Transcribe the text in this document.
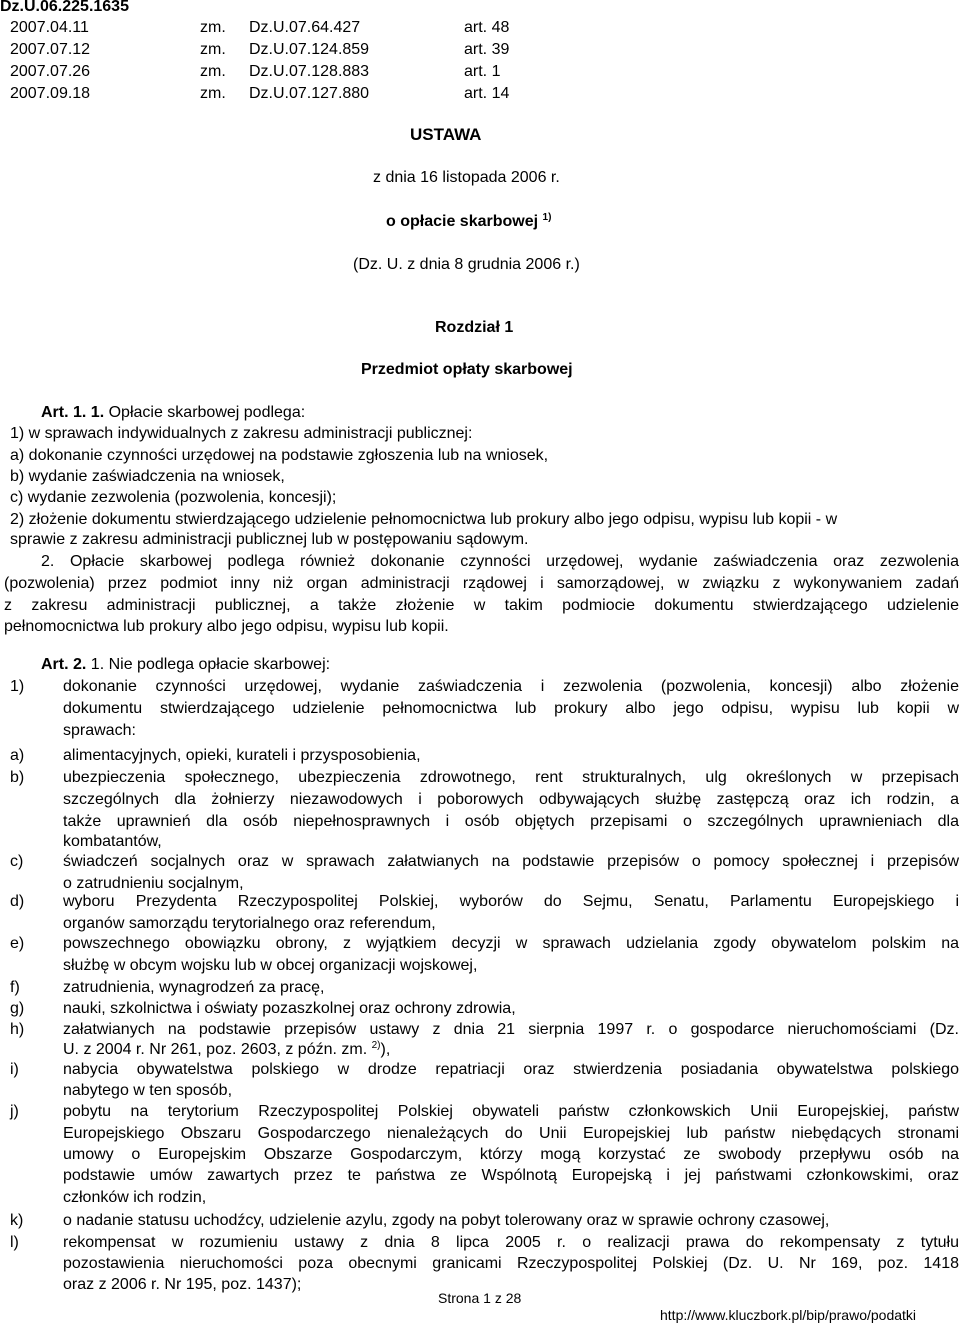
Dz.U.06.225.1635
2007.04.11	zm. Dz.U.07.64.427	art. 48
2007.07.12	zm. Dz.U.07.124.859	art. 39
2007.07.26	zm. Dz.U.07.128.883	art. 1
2007.09.18	zm. Dz.U.07.127.880	art. 14
USTAWA
z dnia 16 listopada 2006 r.
o opłacie skarbowej $^{1)}$
(Dz. U. z dnia 8 grudnia 2006 r.)
Rozdział 1
Przedmiot opłaty skarbowej
Art. 1. 1. Opłacie skarbowej podlega:
1) w sprawach indywidualnych z zakresu administracji publicznej:
a) dokonanie czynności urzędowej na podstawie zgłoszenia lub na wniosek,
b) wydanie zaświadczenia na wniosek,
c) wydanie zezwolenia (pozwolenia, koncesji);
2) złożenie dokumentu stwierdzającego udzielenie pełnomocnictwa lub prokury albo jego odpisu, wypisu lub kopii - w
sprawie z zakresu administracji publicznej lub w postępowaniu sądowym.
2. Opłacie skarbowej podlega również dokonanie czynności urzędowej, wydanie zaświadczenia oraz zezwolenia
(pozwolenia) przez podmiot inny niż organ administracji rządowej i samorządowej, w związku z wykonywaniem zadań
z zakresu administracji publicznej, a także złożenie w takim podmiocie dokumentu stwierdzającego udzielenie
pełnomocnictwa lub prokury albo jego odpisu, wypisu lub kopii.
Art. 2. 1. Nie podlega opłacie skarbowej:
1) dokonanie czynności urzędowej, wydanie zaświadczenia i zezwolenia (pozwolenia, koncesji) albo złożenie
dokumentu stwierdzającego udzielenie pełnomocnictwa lub prokury albo jego odpisu, wypisu lub kopii w
sprawach:
a) alimentacyjnych, opieki, kurateli i przysposobienia,
b) ubezpieczenia społecznego, ubezpieczenia zdrowotnego, rent strukturalnych, ulg określonych w przepisach
szczególnych dla żołnierzy niezawodowych i poborowych odbywających służbę zastępczą oraz ich rodzin, a
także uprawnień dla osób niepełnosprawnych i osób objętych przepisami o szczególnych uprawnieniach dla
kombatantów,
c) świadczeń socjalnych oraz w sprawach załatwianych na podstawie przepisów o pomocy społecznej i przepisów
o zatrudnieniu socjalnym,
d) wyboru Prezydenta Rzeczypospolitej Polskiej, wyborów do Sejmu, Senatu, Parlamentu Europejskiego i
organów samorządu terytorialnego oraz referendum,
e) powszechnego obowiązku obrony, z wyjątkiem decyzji w sprawach udzielania zgody obywatelom polskim na
służbę w obcym wojsku lub w obcej organizacji wojskowej,
f)	zatrudnienia, wynagrodzeń za pracę,
g) nauki, szkolnictwa i oświaty pozaszkolnej oraz ochrony zdrowia,
h) załatwianych na podstawie przepisów ustawy z dnia 21 sierpnia 1997 r. o gospodarce nieruchomościami (Dz.
U. z 2004 r. Nr 261, poz. 2603, z późn. zm. $^{2)}$),
i)	nabycia obywatelstwa polskiego w drodze repatriacji oraz stwierdzenia posiadania obywatelstwa polskiego
nabytego w ten sposób,
j)	pobytu na terytorium Rzeczypospolitej Polskiej obywateli państw członkowskich Unii Europejskiej, państw
Europejskiego Obszaru Gospodarczego nienależących do Unii Europejskiej lub państw niebędących stronami
umowy o Europejskim Obszarze Gospodarczym, którzy mogą korzystać ze swobody przepływu osób na
podstawie umów zawartych przez te państwa ze Wspólnotą Europejską i jej państwami członkowskimi, oraz
członków ich rodzin,
k) o nadanie statusu uchodźcy, udzielenie azylu, zgody na pobyt tolerowany oraz w sprawie ochrony czasowej,
l)	rekompensat w rozumieniu ustawy z dnia 8 lipca 2005 r. o realizacji prawa do rekompensaty z tytułu
pozostawienia nieruchomości poza obecnymi granicami Rzeczypospolitej Polskiej (Dz. U. Nr 169, poz. 1418
oraz z 2006 r. Nr 195, poz. 1437);
Strona 1 z 28
http://www.kluczbork.pl/bip/prawo/podatki
